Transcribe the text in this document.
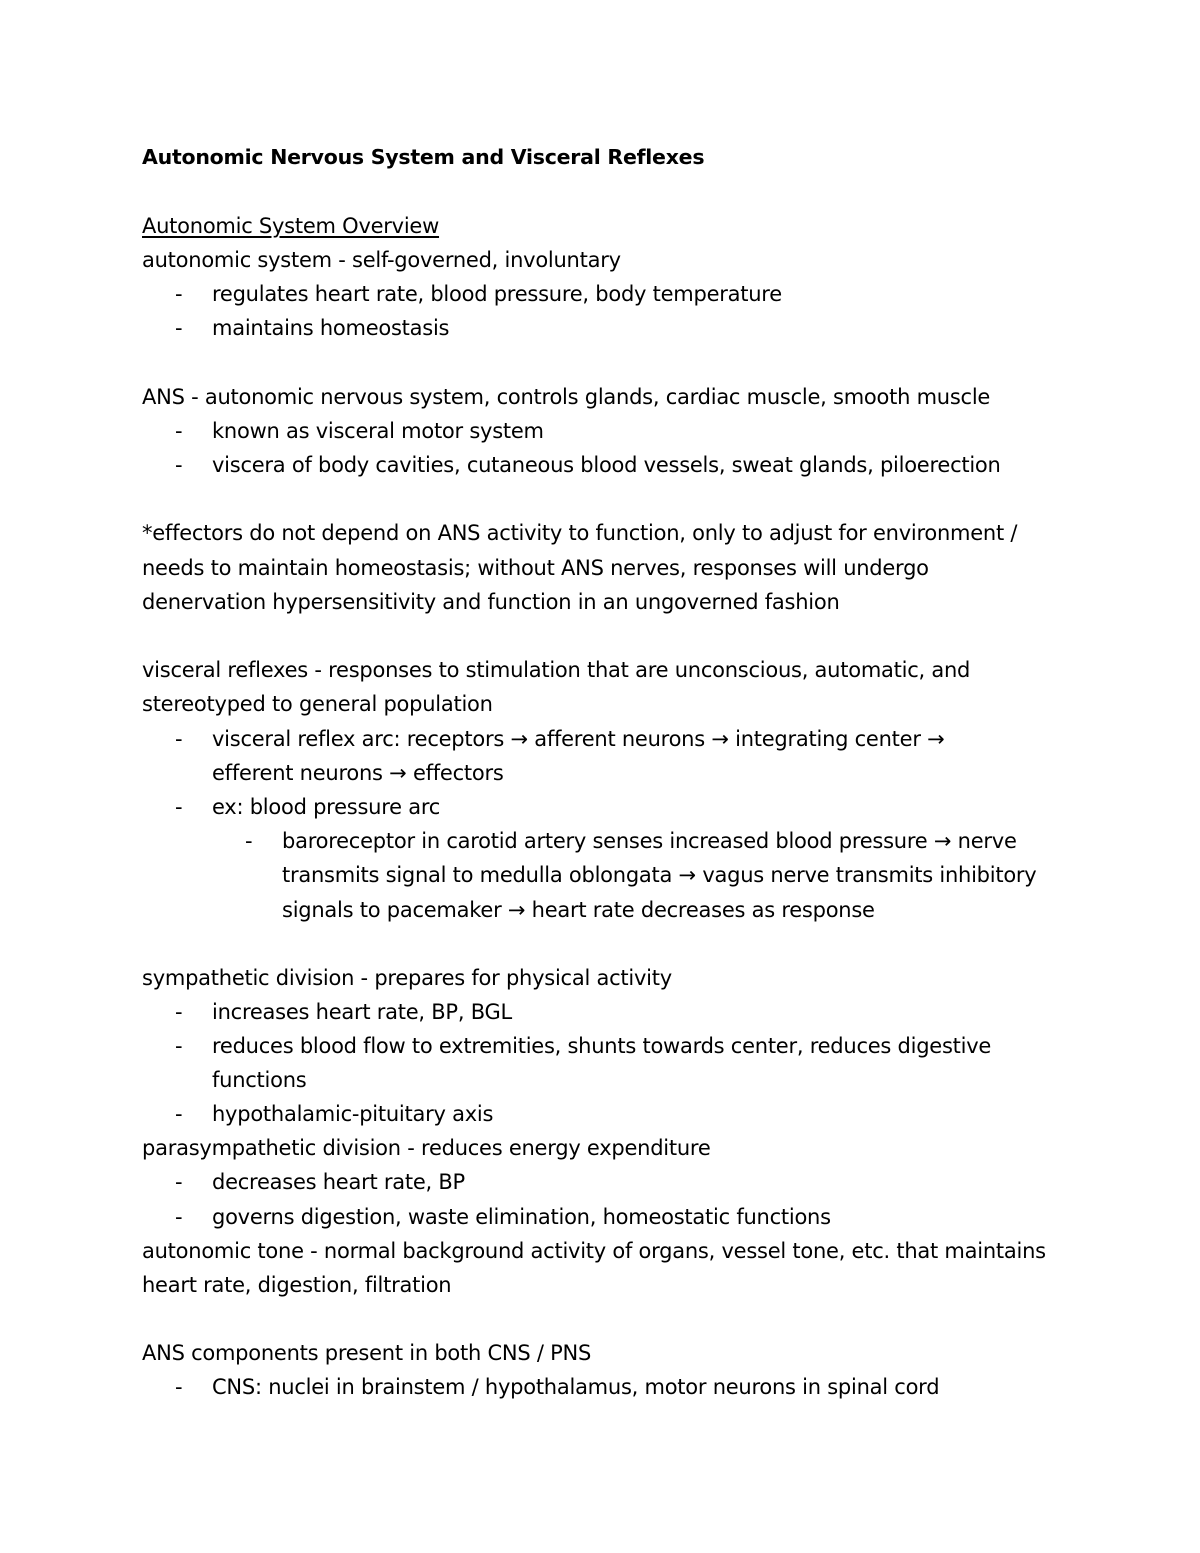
Autonomic Nervous System and Visceral Reflexes
Autonomic System Overview
autonomic system - self-governed, involuntary
- regulates heart rate, blood pressure, body temperature
- maintains homeostasis
ANS - autonomic nervous system, controls glands, cardiac muscle, smooth muscle
- known as visceral motor system
- viscera of body cavities, cutaneous blood vessels, sweat glands, piloerection
*effectors do not depend on ANS activity to function, only to adjust for environment /
needs to maintain homeostasis; without ANS nerves, responses will undergo
denervation hypersensitivity and function in an ungoverned fashion
visceral reflexes - responses to stimulation that are unconscious, automatic, and
stereotyped to general population
- visceral reflex arc: receptors → afferent neurons → integrating center →
efferent neurons → effectors
- ex: blood pressure arc
- baroreceptor in carotid artery senses increased blood pressure → nerve
transmits signal to medulla oblongata → vagus nerve transmits inhibitory
signals to pacemaker → heart rate decreases as response
sympathetic division - prepares for physical activity
- increases heart rate, BP, BGL
- reduces blood flow to extremities, shunts towards center, reduces digestive
functions
- hypothalamic-pituitary axis
parasympathetic division - reduces energy expenditure
- decreases heart rate, BP
- governs digestion, waste elimination, homeostatic functions
autonomic tone - normal background activity of organs, vessel tone, etc. that maintains
heart rate, digestion, filtration
ANS components present in both CNS / PNS
- CNS: nuclei in brainstem / hypothalamus, motor neurons in spinal cord
